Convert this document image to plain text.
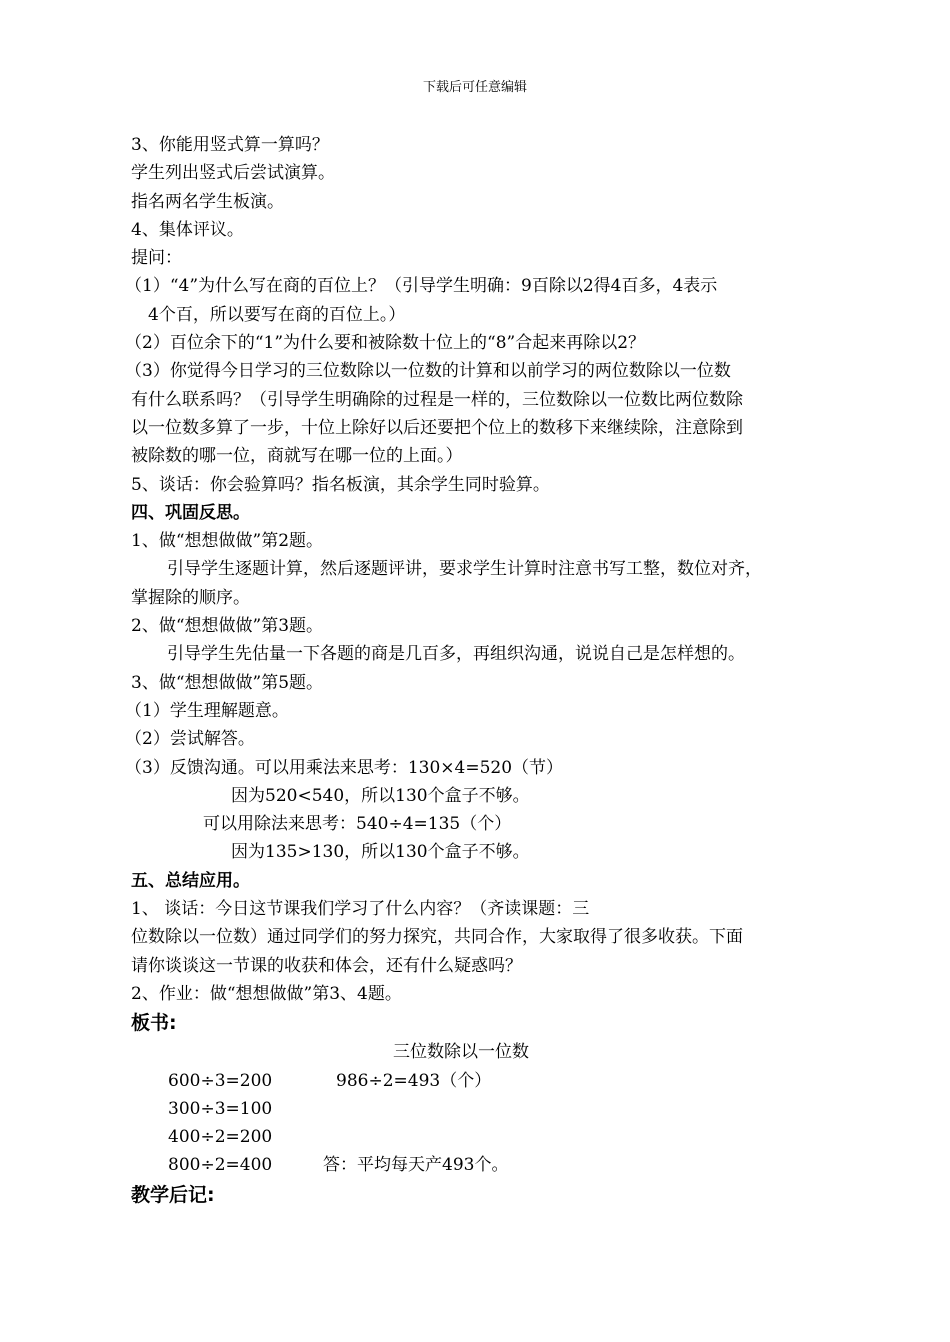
下载后可任意编辑
3、你能用竖式算一算吗？
学生列出竖式后尝试演算。
指名两名学生板演。
4、集体评议。
提问：
（1）“4”为什么写在商的百位上？（引导学生明确：9百除以2得4百多，4表示
4个百，所以要写在商的百位上。）
（2）百位余下的“1”为什么要和被除数十位上的“8”合起来再除以2？
（3）你觉得今日学习的三位数除以一位数的计算和以前学习的两位数除以一位数
有什么联系吗？（引导学生明确除的过程是一样的，三位数除以一位数比两位数除
以一位数多算了一步，十位上除好以后还要把个位上的数移下来继续除，注意除到
被除数的哪一位，商就写在哪一位的上面。）
5、谈话：你会验算吗？指名板演，其余学生同时验算。
四、巩固反思。
1、做“想想做做”第2题。
引导学生逐题计算，然后逐题评讲，要求学生计算时注意书写工整，数位对齐，
掌握除的顺序。
2、做“想想做做”第3题。
引导学生先估量一下各题的商是几百多，再组织沟通，说说自己是怎样想的。
3、做“想想做做”第5题。
（1）学生理解题意。
（2）尝试解答。
（3）反馈沟通。可以用乘法来思考：130×4=520（节）
因为520<540，所以130个盒子不够。
可以用除法来思考：540÷4=135（个）
因为135>130，所以130个盒子不够。
五、总结应用。
1、 谈话：今日这节课我们学习了什么内容？（齐读课题：三
位数除以一位数）通过同学们的努力探究，共同合作，大家取得了很多收获。下面
请你谈谈这一节课的收获和体会，还有什么疑惑吗？
2、作业：做“想想做做”第3、4题。
板书:
三位数除以一位数
600÷3=200	986÷2=493（个）
300÷3=100
400÷2=200
800÷2=400	答：平均每天产493个。
教学后记:
